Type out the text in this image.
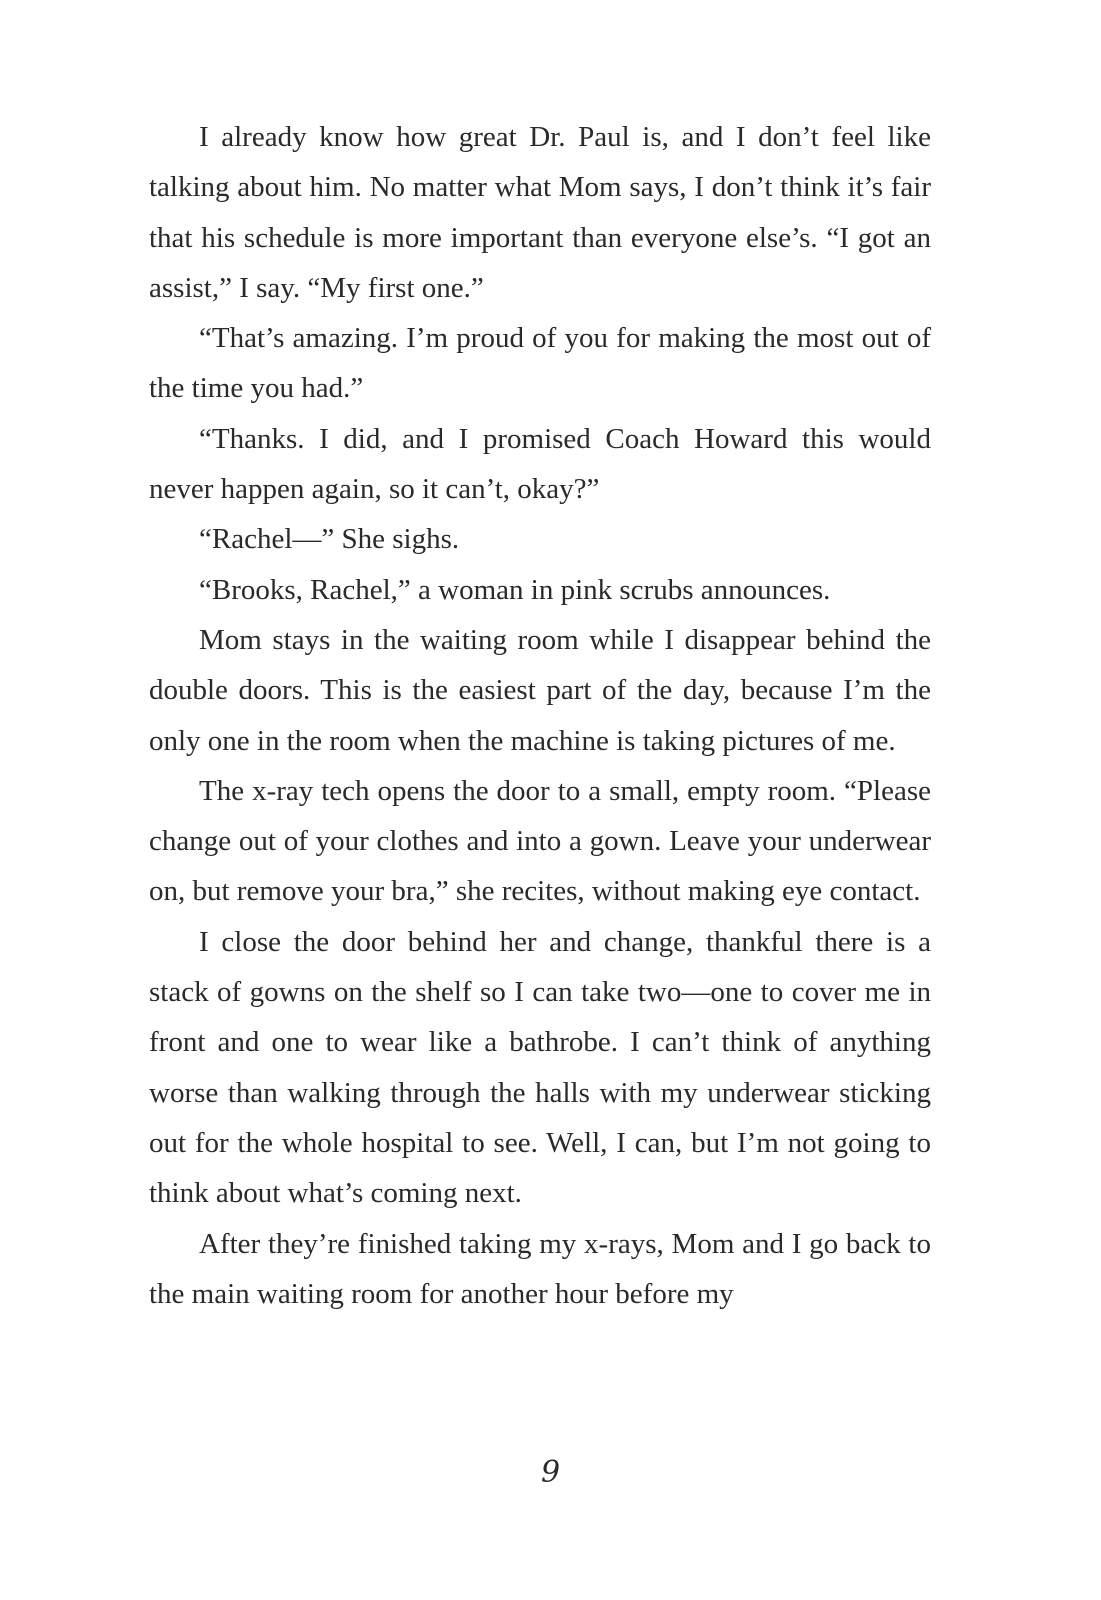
I already know how great Dr. Paul is, and I don’t feel like talking about him. No matter what Mom says, I don’t think it’s fair that his schedule is more important than everyone else’s. “I got an assist,” I say. “My first one.”

“That’s amazing. I’m proud of you for making the most out of the time you had.”

“Thanks. I did, and I promised Coach Howard this would never happen again, so it can’t, okay?”

“Rachel—” She sighs.

“Brooks, Rachel,” a woman in pink scrubs announces.

Mom stays in the waiting room while I disappear behind the double doors. This is the easiest part of the day, because I’m the only one in the room when the machine is taking pictures of me.

The x-ray tech opens the door to a small, empty room. “Please change out of your clothes and into a gown. Leave your underwear on, but remove your bra,” she recites, without making eye contact.

I close the door behind her and change, thankful there is a stack of gowns on the shelf so I can take two—one to cover me in front and one to wear like a bathrobe. I can’t think of anything worse than walking through the halls with my underwear sticking out for the whole hospital to see. Well, I can, but I’m not going to think about what’s coming next.

After they’re finished taking my x-rays, Mom and I go back to the main waiting room for another hour before my

9
